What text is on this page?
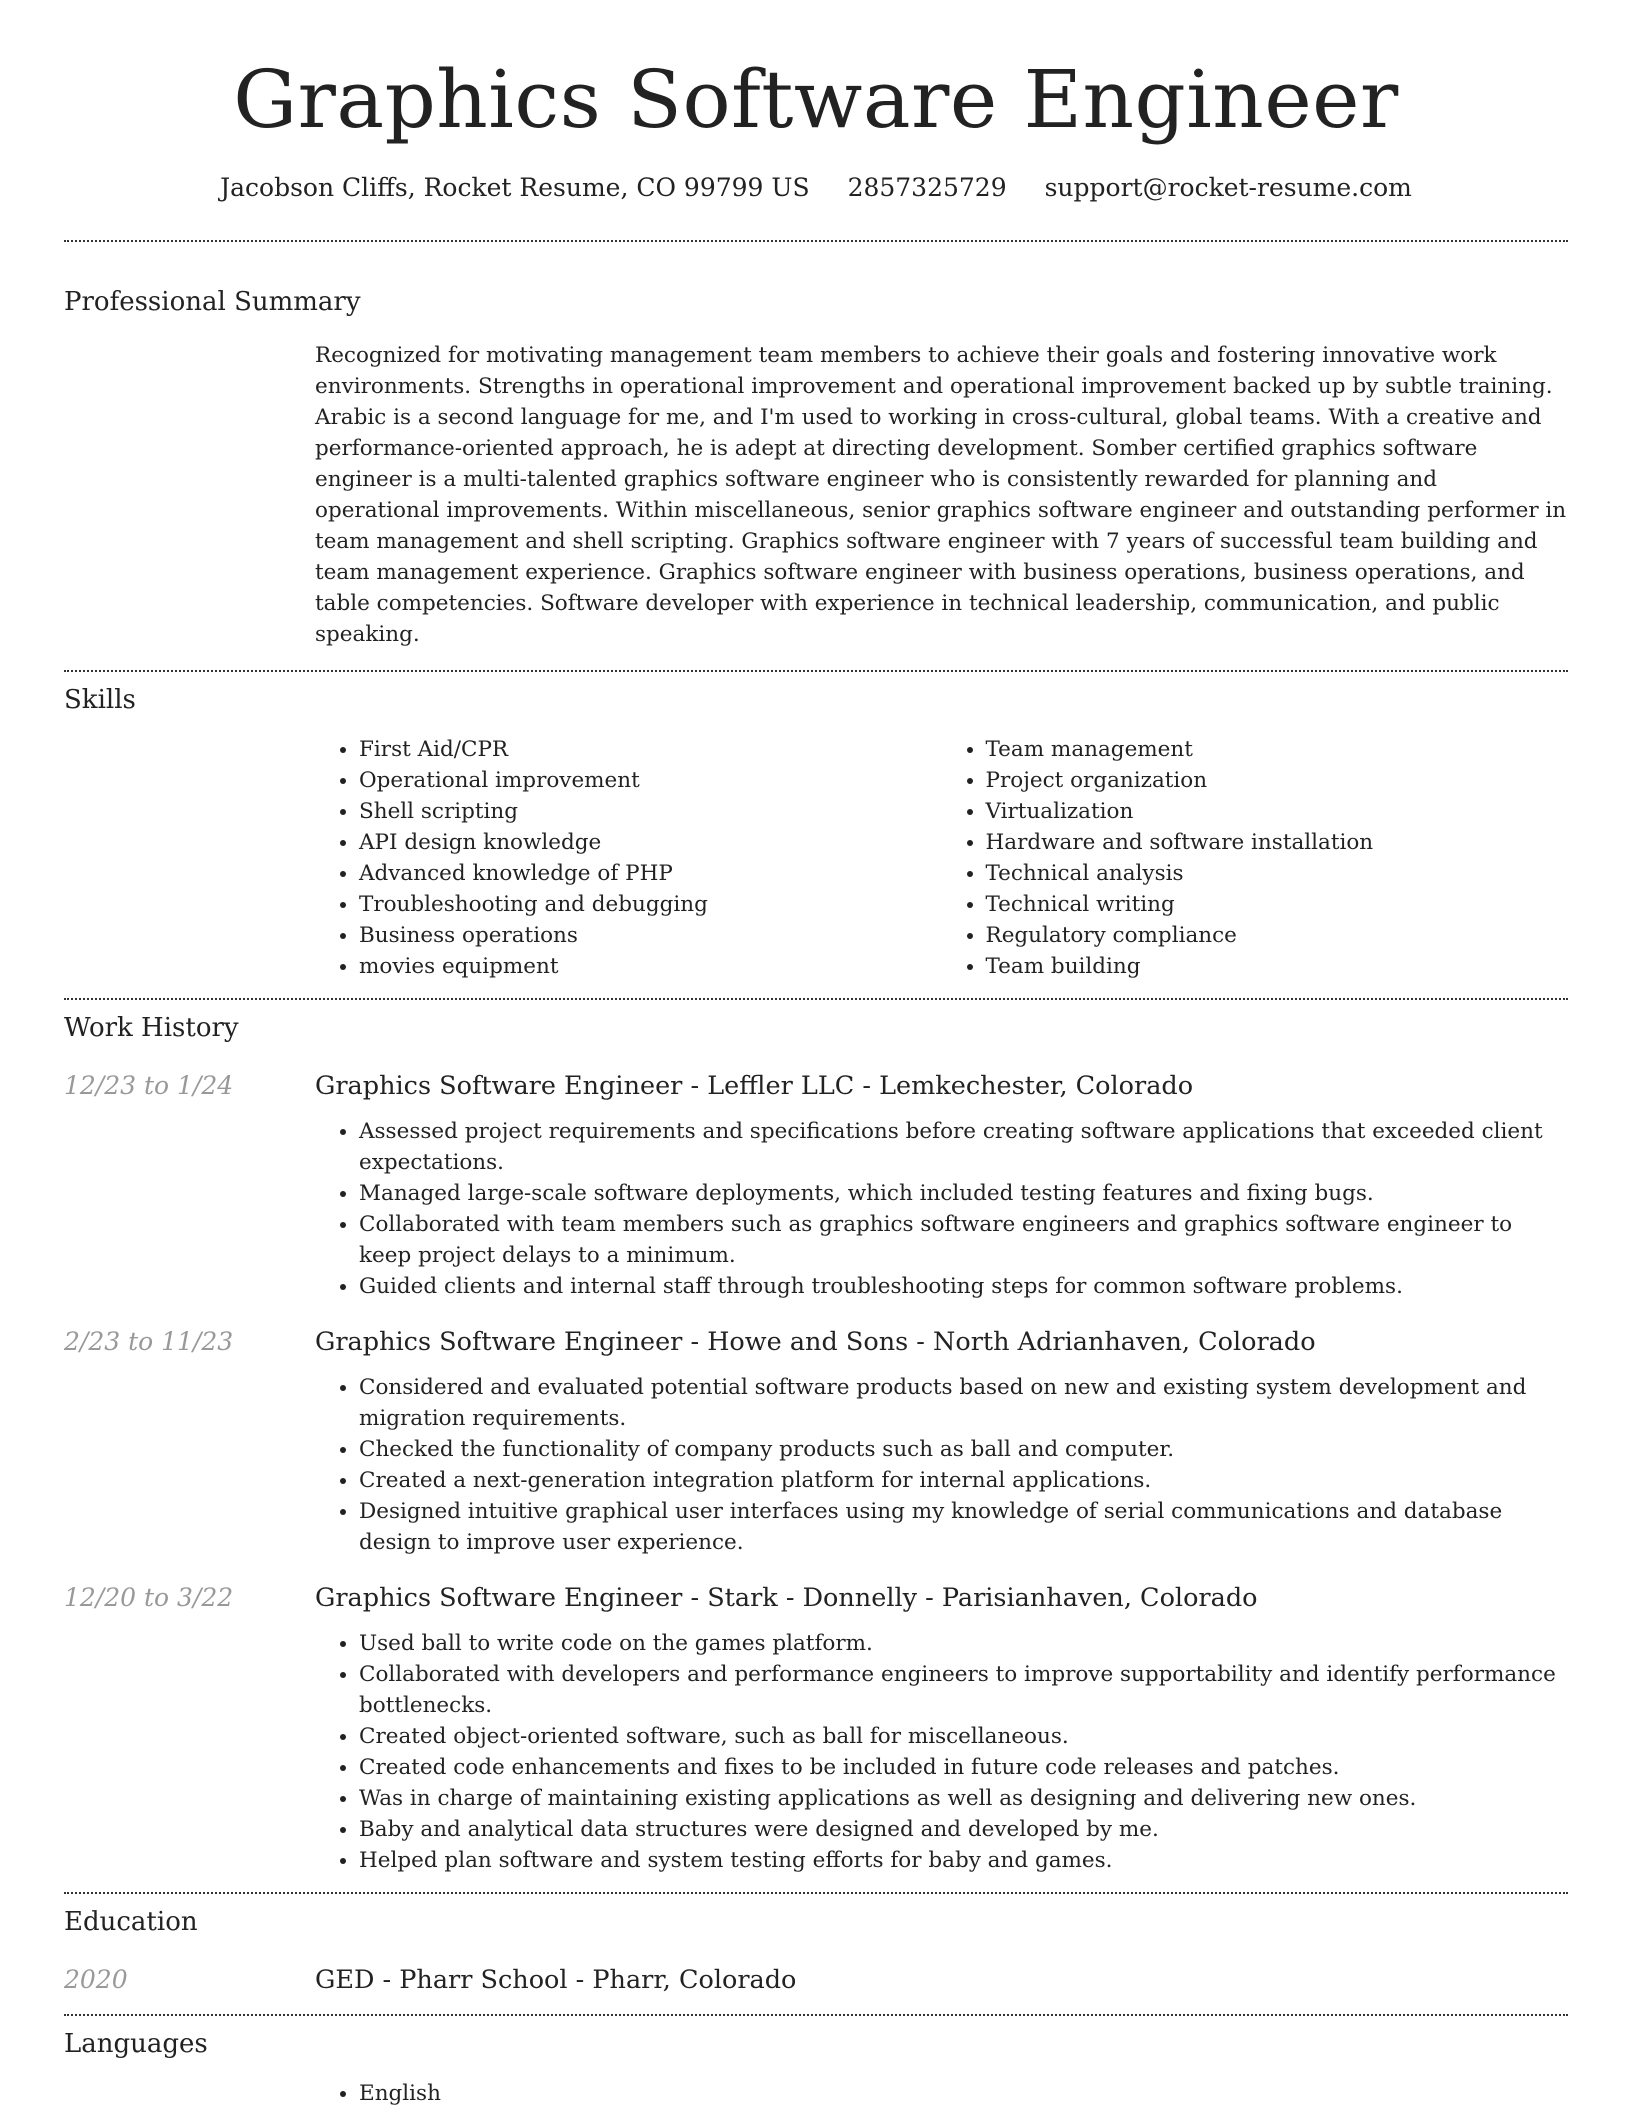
Graphics Software Engineer
Jacobson Cliffs, Rocket Resume, CO 99799 US 2857325729 support@rocket-resume.com
Professional Summary
Recognized for motivating management team members to achieve their goals and fostering innovative work environments. Strengths in operational improvement and operational improvement backed up by subtle training. Arabic is a second language for me, and I'm used to working in cross-cultural, global teams. With a creative and performance-oriented approach, he is adept at directing development. Somber certified graphics software engineer is a multi-talented graphics software engineer who is consistently rewarded for planning and operational improvements. Within miscellaneous, senior graphics software engineer and outstanding performer in team management and shell scripting. Graphics software engineer with 7 years of successful team building and team management experience. Graphics software engineer with business operations, business operations, and table competencies. Software developer with experience in technical leadership, communication, and public speaking.
Skills
• First Aid/CPR
• Operational improvement
• Shell scripting
• API design knowledge
• Advanced knowledge of PHP
• Troubleshooting and debugging
• Business operations
• movies equipment
• Team management
• Project organization
• Virtualization
• Hardware and software installation
• Technical analysis
• Technical writing
• Regulatory compliance
• Team building
Work History
12/23 to 1/24	Graphics Software Engineer - Leffler LLC - Lemkechester, Colorado
• Assessed project requirements and specifications before creating software applications that exceeded client expectations.
• Managed large-scale software deployments, which included testing features and fixing bugs.
• Collaborated with team members such as graphics software engineers and graphics software engineer to keep project delays to a minimum.
• Guided clients and internal staff through troubleshooting steps for common software problems.
2/23 to 11/23	Graphics Software Engineer - Howe and Sons - North Adrianhaven, Colorado
• Considered and evaluated potential software products based on new and existing system development and migration requirements.
• Checked the functionality of company products such as ball and computer.
• Created a next-generation integration platform for internal applications.
• Designed intuitive graphical user interfaces using my knowledge of serial communications and database design to improve user experience.
12/20 to 3/22	Graphics Software Engineer - Stark - Donnelly - Parisianhaven, Colorado
• Used ball to write code on the games platform.
• Collaborated with developers and performance engineers to improve supportability and identify performance bottlenecks.
• Created object-oriented software, such as ball for miscellaneous.
• Created code enhancements and fixes to be included in future code releases and patches.
• Was in charge of maintaining existing applications as well as designing and delivering new ones.
• Baby and analytical data structures were designed and developed by me.
• Helped plan software and system testing efforts for baby and games.
Education
2020	GED - Pharr School - Pharr, Colorado
Languages
• English
